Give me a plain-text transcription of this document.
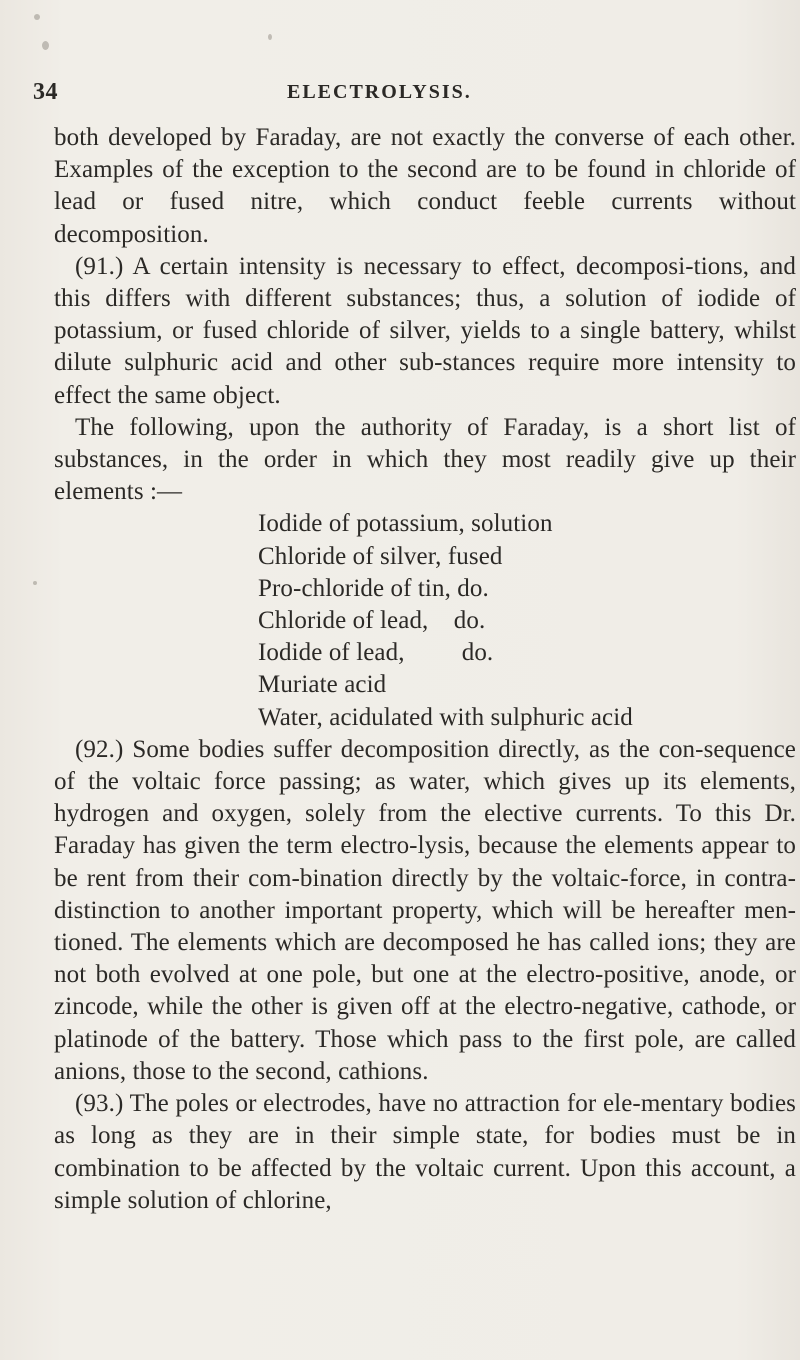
34	ELECTROLYSIS.

both developed by Faraday, are not exactly the converse of each other. Examples of the exception to the second are to be found in chloride of lead or fused nitre, which conduct feeble currents without decomposition.

(91.) A certain intensity is necessary to effect, decomposi-tions, and this differs with different substances; thus, a solution of iodide of potassium, or fused chloride of silver, yields to a single battery, whilst dilute sulphuric acid and other sub-stances require more intensity to effect the same object.

The following, upon the authority of Faraday, is a short list of substances, in the order in which they most readily give up their elements :—

Iodide of potassium, solution
Chloride of silver, fused
Pro-chloride of tin, do.
Chloride of lead,    do.
Iodide of lead,         do.
Muriate acid
Water, acidulated with sulphuric acid

(92.) Some bodies suffer decomposition directly, as the con-sequence of the voltaic force passing; as water, which gives up its elements, hydrogen and oxygen, solely from the elective currents. To this Dr. Faraday has given the term electro-lysis, because the elements appear to be rent from their com-bination directly by the voltaic-force, in contra-distinction to another important property, which will be hereafter men-tioned. The elements which are decomposed he has called ions; they are not both evolved at one pole, but one at the electro-positive, anode, or zincode, while the other is given off at the electro-negative, cathode, or platinode of the battery. Those which pass to the first pole, are called anions, those to the second, cathions.

(93.) The poles or electrodes, have no attraction for ele-mentary bodies as long as they are in their simple state, for bodies must be in combination to be affected by the voltaic current. Upon this account, a simple solution of chlorine,
